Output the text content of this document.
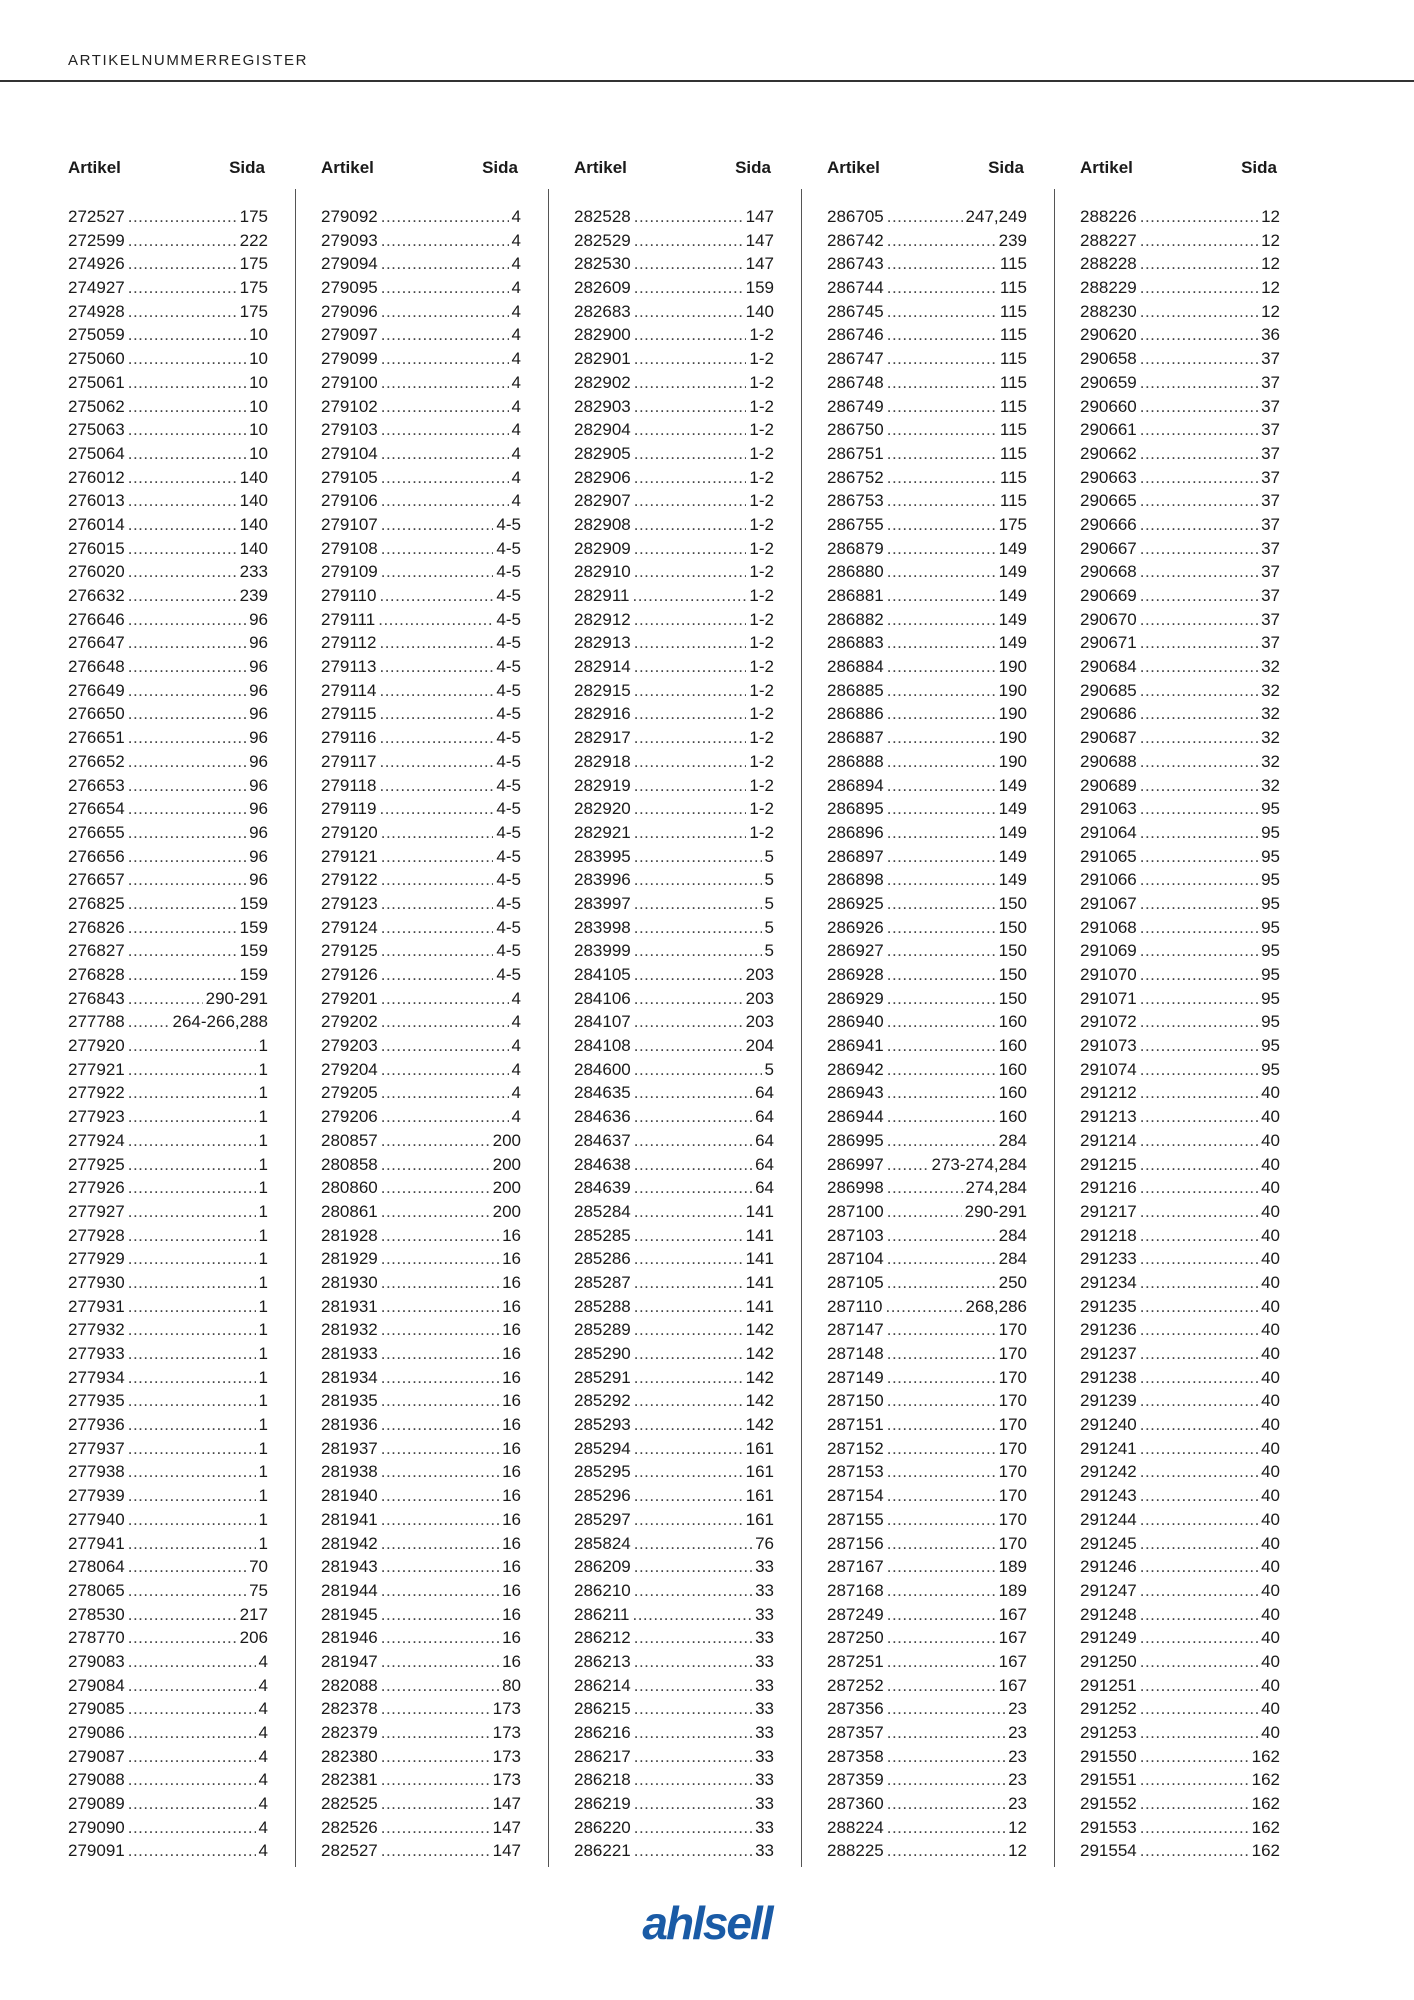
ARTIKELNUMMERREGISTER
Artikel	Sida
272527 .....	175
272599 .....	222
274926 .....	175
274927 .....	175
274928 .....	175
275059 .....	10
275060 .....	10
275061 .....	10
275062 .....	10
275063 .....	10
275064 .....	10
276012 .....	140
276013 .....	140
276014 .....	140
276015 .....	140
276020 .....	233
276632 .....	239
276646 .....	96
276647 .....	96
276648 .....	96
276649 .....	96
276650 .....	96
276651 .....	96
276652 .....	96
276653 .....	96
276654 .....	96
276655 .....	96
276656 .....	96
276657 .....	96
276825 .....	159
276826 .....	159
276827 .....	159
276828 .....	159
276843 .....	290-291
277788 .....	264-266,288
277920 .....	1
277921 .....	1
277922 .....	1
277923 .....	1
277924 .....	1
277925 .....	1
277926 .....	1
277927 .....	1
277928 .....	1
277929 .....	1
277930 .....	1
277931 .....	1
277932 .....	1
277933 .....	1
277934 .....	1
277935 .....	1
277936 .....	1
277937 .....	1
277938 .....	1
277939 .....	1
277940 .....	1
277941 .....	1
278064 .....	70
278065 .....	75
278530 .....	217
278770 .....	206
279083 .....	4
279084 .....	4
279085 .....	4
279086 .....	4
279087 .....	4
279088 .....	4
279089 .....	4
279090 .....	4
279091 .....	4
Artikel	Sida
279092 .....	4
279093 .....	4
279094 .....	4
279095 .....	4
279096 .....	4
279097 .....	4
279099 .....	4
279100 .....	4
279102 .....	4
279103 .....	4
279104 .....	4
279105 .....	4
279106 .....	4
279107 .....	4-5
279108 .....	4-5
279109 .....	4-5
279110 .....	4-5
279111 .....	4-5
279112 .....	4-5
279113 .....	4-5
279114 .....	4-5
279115 .....	4-5
279116 .....	4-5
279117 .....	4-5
279118 .....	4-5
279119 .....	4-5
279120 .....	4-5
279121 .....	4-5
279122 .....	4-5
279123 .....	4-5
279124 .....	4-5
279125 .....	4-5
279126 .....	4-5
279201 .....	4
279202 .....	4
279203 .....	4
279204 .....	4
279205 .....	4
279206 .....	4
280857 .....	200
280858 .....	200
280860 .....	200
280861 .....	200
281928 .....	16
281929 .....	16
281930 .....	16
281931 .....	16
281932 .....	16
281933 .....	16
281934 .....	16
281935 .....	16
281936 .....	16
281937 .....	16
281938 .....	16
281940 .....	16
281941 .....	16
281942 .....	16
281943 .....	16
281944 .....	16
281945 .....	16
281946 .....	16
281947 .....	16
282088 .....	80
282378 .....	173
282379 .....	173
282380 .....	173
282381 .....	173
282525 .....	147
282526 .....	147
282527 .....	147
Artikel	Sida
282528 .....	147
282529 .....	147
282530 .....	147
282609 .....	159
282683 .....	140
282900 .....	1-2
282901 .....	1-2
282902 .....	1-2
282903 .....	1-2
282904 .....	1-2
282905 .....	1-2
282906 .....	1-2
282907 .....	1-2
282908 .....	1-2
282909 .....	1-2
282910 .....	1-2
282911 .....	1-2
282912 .....	1-2
282913 .....	1-2
282914 .....	1-2
282915 .....	1-2
282916 .....	1-2
282917 .....	1-2
282918 .....	1-2
282919 .....	1-2
282920 .....	1-2
282921 .....	1-2
283995 .....	5
283996 .....	5
283997 .....	5
283998 .....	5
283999 .....	5
284105 .....	203
284106 .....	203
284107 .....	203
284108 .....	204
284600 .....	5
284635 .....	64
284636 .....	64
284637 .....	64
284638 .....	64
284639 .....	64
285284 .....	141
285285 .....	141
285286 .....	141
285287 .....	141
285288 .....	141
285289 .....	142
285290 .....	142
285291 .....	142
285292 .....	142
285293 .....	142
285294 .....	161
285295 .....	161
285296 .....	161
285297 .....	161
285824 .....	76
286209 .....	33
286210 .....	33
286211 .....	33
286212 .....	33
286213 .....	33
286214 .....	33
286215 .....	33
286216 .....	33
286217 .....	33
286218 .....	33
286219 .....	33
286220 .....	33
286221 .....	33
Artikel	Sida
286705 .....	247,249
286742 .....	239
286743 .....	115
286744 .....	115
286745 .....	115
286746 .....	115
286747 .....	115
286748 .....	115
286749 .....	115
286750 .....	115
286751 .....	115
286752 .....	115
286753 .....	115
286755 .....	175
286879 .....	149
286880 .....	149
286881 .....	149
286882 .....	149
286883 .....	149
286884 .....	190
286885 .....	190
286886 .....	190
286887 .....	190
286888 .....	190
286894 .....	149
286895 .....	149
286896 .....	149
286897 .....	149
286898 .....	149
286925 .....	150
286926 .....	150
286927 .....	150
286928 .....	150
286929 .....	150
286940 .....	160
286941 .....	160
286942 .....	160
286943 .....	160
286944 .....	160
286995 .....	284
286997 .....	273-274,284
286998 .....	274,284
287100 .....	290-291
287103 .....	284
287104 .....	284
287105 .....	250
287110 .....	268,286
287147 .....	170
287148 .....	170
287149 .....	170
287150 .....	170
287151 .....	170
287152 .....	170
287153 .....	170
287154 .....	170
287155 .....	170
287156 .....	170
287167 .....	189
287168 .....	189
287249 .....	167
287250 .....	167
287251 .....	167
287252 .....	167
287356 .....	23
287357 .....	23
287358 .....	23
287359 .....	23
287360 .....	23
288224 .....	12
288225 .....	12
Artikel	Sida
288226 .....	12
288227 .....	12
288228 .....	12
288229 .....	12
288230 .....	12
290620 .....	36
290658 .....	37
290659 .....	37
290660 .....	37
290661 .....	37
290662 .....	37
290663 .....	37
290665 .....	37
290666 .....	37
290667 .....	37
290668 .....	37
290669 .....	37
290670 .....	37
290671 .....	37
290684 .....	32
290685 .....	32
290686 .....	32
290687 .....	32
290688 .....	32
290689 .....	32
291063 .....	95
291064 .....	95
291065 .....	95
291066 .....	95
291067 .....	95
291068 .....	95
291069 .....	95
291070 .....	95
291071 .....	95
291072 .....	95
291073 .....	95
291074 .....	95
291212 .....	40
291213 .....	40
291214 .....	40
291215 .....	40
291216 .....	40
291217 .....	40
291218 .....	40
291233 .....	40
291234 .....	40
291235 .....	40
291236 .....	40
291237 .....	40
291238 .....	40
291239 .....	40
291240 .....	40
291241 .....	40
291242 .....	40
291243 .....	40
291244 .....	40
291245 .....	40
291246 .....	40
291247 .....	40
291248 .....	40
291249 .....	40
291250 .....	40
291251 .....	40
291252 .....	40
291253 .....	40
291550 .....	162
291551 .....	162
291552 .....	162
291553 .....	162
291554 .....	162
ahlsell
